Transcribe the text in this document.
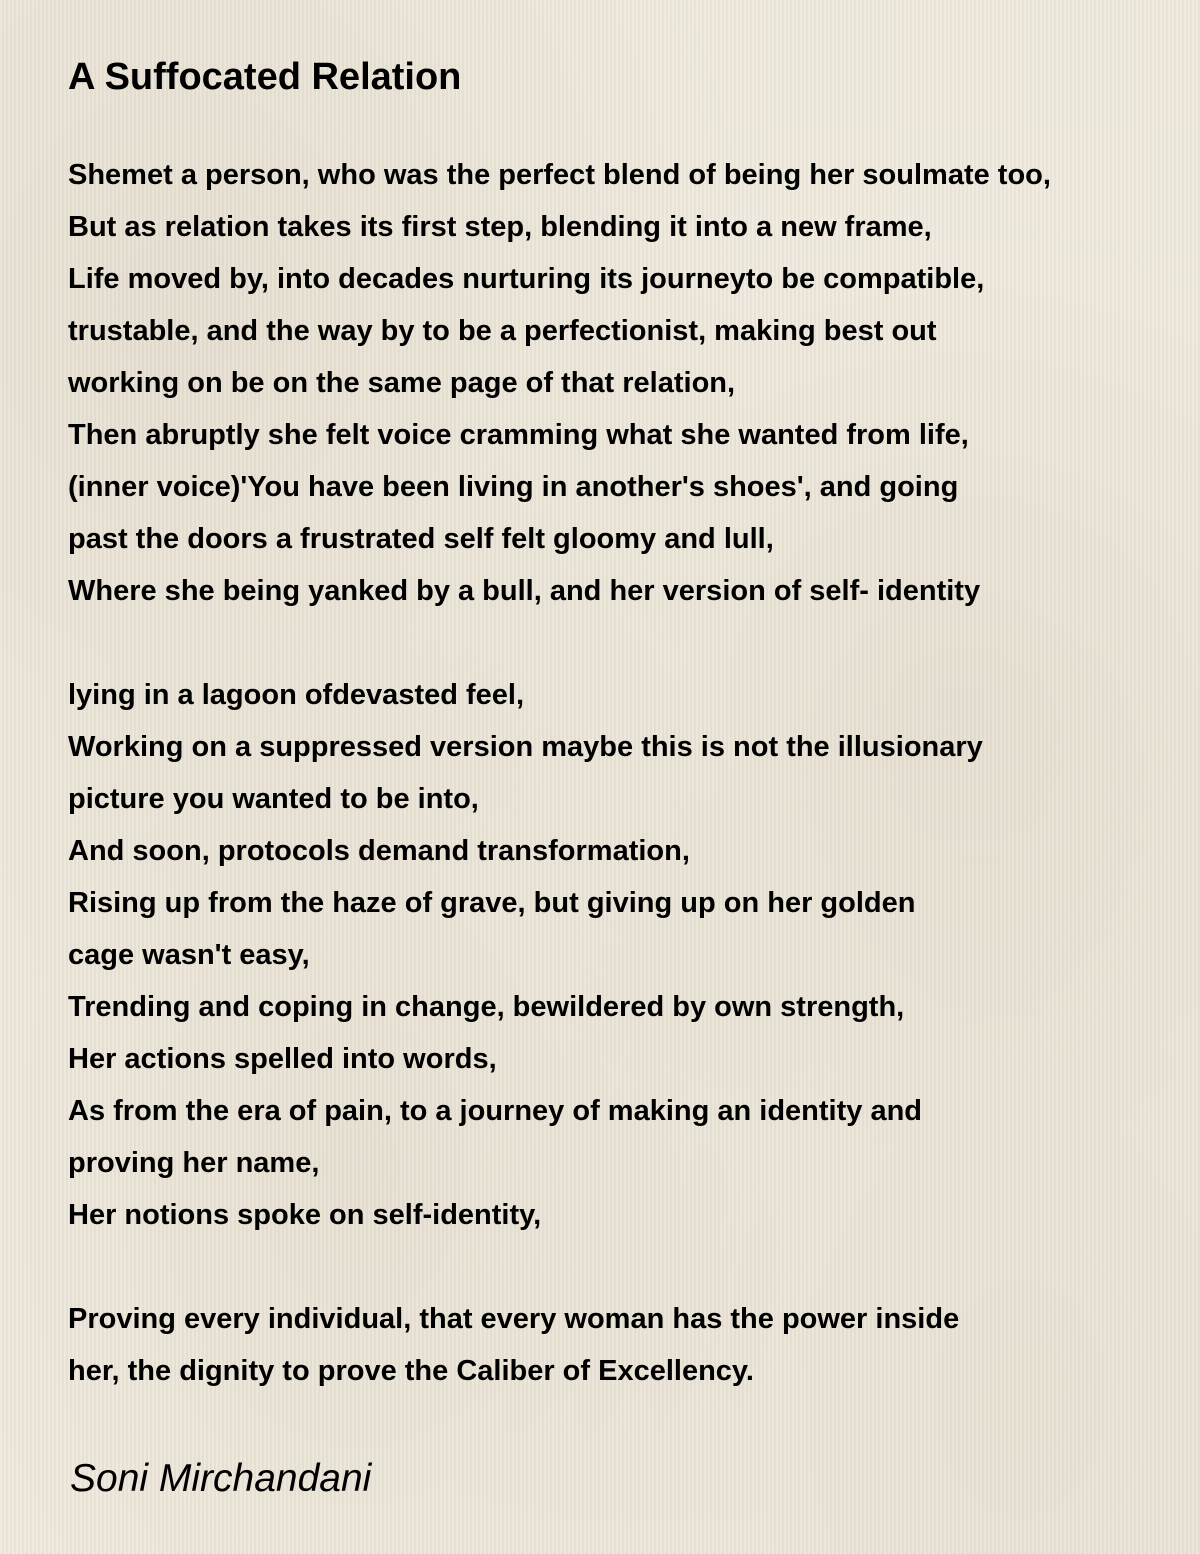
A Suffocated Relation
Shemet a person, who was the perfect blend of being her soulmate too,
But as relation takes its first step, blending it into a new frame,
Life moved by, into decades nurturing its journeyto be compatible,
trustable, and the way by to be a perfectionist, making best out
working on be on the same page of that relation,
Then abruptly she felt voice cramming what she wanted from life,
(inner voice)'You have been living in another's shoes', and going
past the doors a frustrated self felt gloomy and lull,
Where she being yanked by a bull, and her version of self- identity
lying in a lagoon ofdevasted feel,
Working on a suppressed version maybe this is not the illusionary
picture you wanted to be into,
And soon, protocols demand transformation,
Rising up from the haze of grave, but giving up on her golden
cage wasn't easy,
Trending and coping in change, bewildered by own strength,
Her actions spelled into words,
As from the era of pain, to a journey of making an identity and
proving her name,
Her notions spoke on self-identity,
Proving every individual, that every woman has the power inside
her, the dignity to prove the Caliber of Excellency.
Soni Mirchandani
